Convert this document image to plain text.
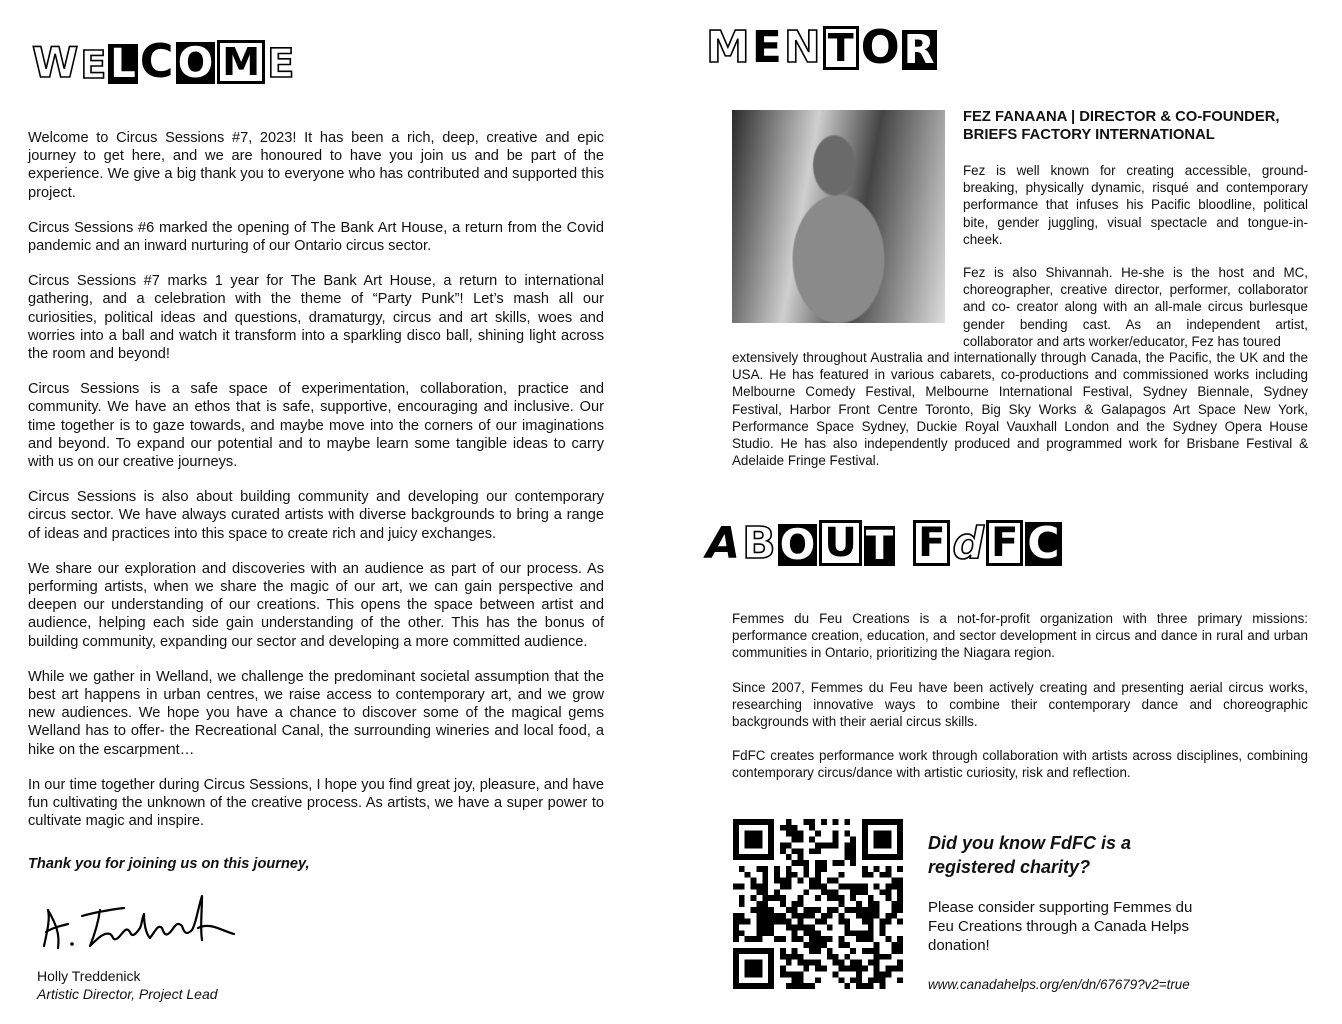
W E L C O M E

Welcome to Circus Sessions #7, 2023! It has been a rich, deep, creative and epic journey to get here, and we are honoured to have you join us and be part of the experience. We give a big thank you to everyone who has contributed and supported this project.

Circus Sessions #6 marked the opening of The Bank Art House, a return from the Covid pandemic and an inward nurturing of our Ontario circus sector.

Circus Sessions #7 marks 1 year for The Bank Art House, a return to international gathering, and a celebration with the theme of “Party Punk”! Let’s mash all our curiosities, political ideas and questions, dramaturgy, circus and art skills, woes and worries into a ball and watch it transform into a sparkling disco ball, shining light across the room and beyond!

Circus Sessions is a safe space of experimentation, collaboration, practice and community. We have an ethos that is safe, supportive, encouraging and inclusive. Our time together is to gaze towards, and maybe move into the corners of our imaginations and beyond. To expand our potential and to maybe learn some tangible ideas to carry with us on our creative journeys.

Circus Sessions is also about building community and developing our contemporary circus sector. We have always curated artists with diverse backgrounds to bring a range of ideas and practices into this space to create rich and juicy exchanges.

We share our exploration and discoveries with an audience as part of our process. As performing artists, when we share the magic of our art, we can gain perspective and deepen our understanding of our creations. This opens the space between artist and audience, helping each side gain understanding of the other. This has the bonus of building community, expanding our sector and developing a more committed audience.

While we gather in Welland, we challenge the predominant societal assumption that the best art happens in urban centres, we raise access to contemporary art, and we grow new audiences. We hope you have a chance to discover some of the magical gems Welland has to offer- the Recreational Canal, the surrounding wineries and local food, a hike on the escarpment…

In our time together during Circus Sessions, I hope you find great joy, pleasure, and have fun cultivating the unknown of the creative process. As artists, we have a super power to cultivate magic and inspire.

Thank you for joining us on this journey,
Holly Treddenick
Artistic Director, Project Lead
M E N T O R
FEZ FANAANA | DIRECTOR & CO-FOUNDER, BRIEFS FACTORY INTERNATIONAL

Fez is well known for creating accessible, ground-breaking, physically dynamic, risqué and contemporary performance that infuses his Pacific bloodline, political bite, gender juggling, visual spectacle and tongue-in-cheek.

Fez is also Shivannah. He-she is the host and MC, choreographer, creative director, performer, collaborator and co- creator along with an all-male circus burlesque gender bending cast. As an independent artist, collaborator and arts worker/educator, Fez has toured

extensively throughout Australia and internationally through Canada, the Pacific, the UK and the USA. He has featured in various cabarets, co-productions and commissioned works including Melbourne Comedy Festival, Melbourne International Festival, Sydney Biennale, Sydney Festival, Harbor Front Centre Toronto, Big Sky Works & Galapagos Art Space New York, Performance Space Sydney, Duckie Royal Vauxhall London and the Sydney Opera House Studio. He has also independently produced and programmed work for Brisbane Festival & Adelaide Fringe Festival.

A B O U T F d F C

Femmes du Feu Creations is a not-for-profit organization with three primary missions: performance creation, education, and sector development in circus and dance in rural and urban communities in Ontario, prioritizing the Niagara region.

Since 2007, Femmes du Feu have been actively creating and presenting aerial circus works, researching innovative ways to combine their contemporary dance and choreographic backgrounds with their aerial circus skills.

FdFC creates performance work through collaboration with artists across disciplines, combining contemporary circus/dance with artistic curiosity, risk and reflection.

Did you know FdFC is a registered charity?
Please consider supporting Femmes du Feu Creations through a Canada Helps donation!
www.canadahelps.org/en/dn/67679?v2=true
